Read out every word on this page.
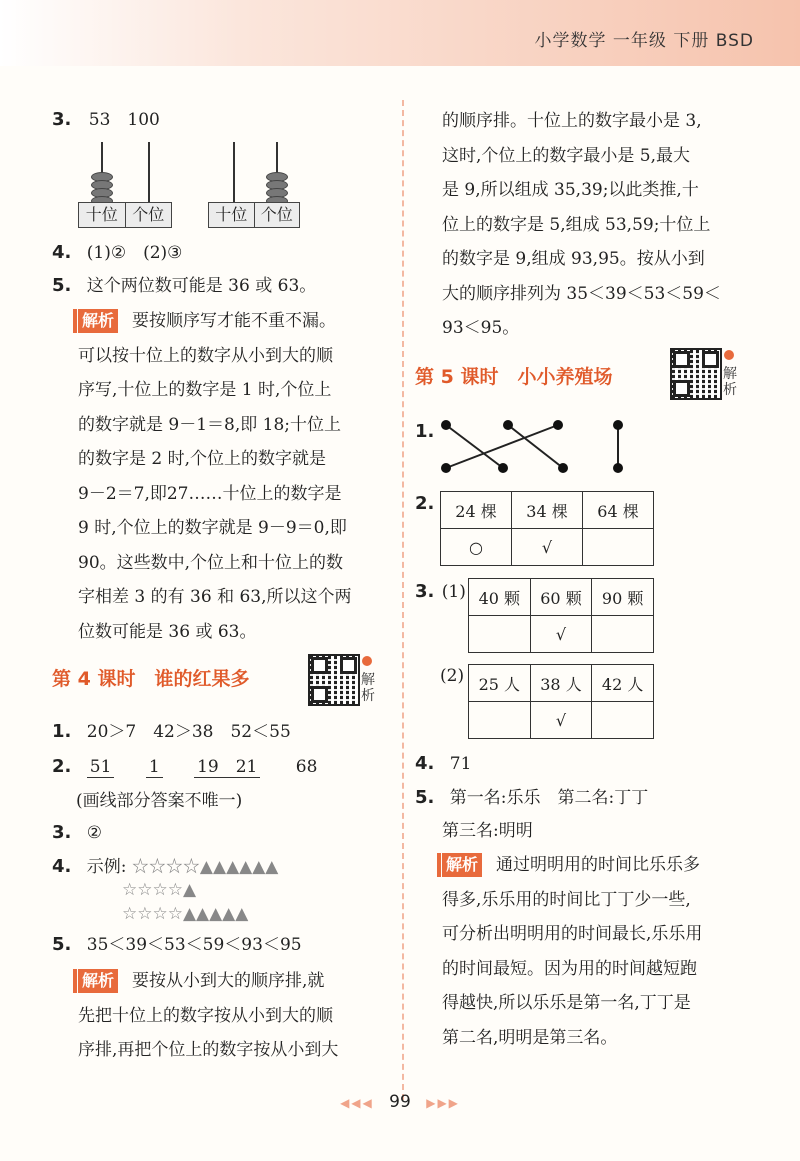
小学数学 一年级 下册 BSD
3. 53　100
十位 个位	十位 个位
4. (1)②　(2)③
5. 这个两位数可能是 36 或 63。
解析 要按顺序写才能不重不漏。
可以按十位上的数字从小到大的顺
序写,十位上的数字是 1 时,个位上
的数字就是 9－1＝8,即 18;十位上
的数字是 2 时,个位上的数字就是
9－2＝7,即27……十位上的数字是
9 时,个位上的数字就是 9－9＝0,即
90。这些数中,个位上和十位上的数
字相差 3 的有 36 和 63,所以这个两
位数可能是 36 或 63。
第 4 课时　谁的红果多	解析
1. 20＞7　42＞38　52＜55
2. 51 1 19　 21 68
(画线部分答案不唯一)
3. ②
4. 示例: ☆☆☆☆▲▲▲▲▲▲
☆☆☆☆▲
☆☆☆☆▲▲▲▲▲
5. 35＜39＜53＜59＜93＜95
解析 要按从小到大的顺序排,就
先把十位上的数字按从小到大的顺
序排,再把个位上的数字按从小到大
的顺序排。十位上的数字最小是 3,
这时,个位上的数字最小是 5,最大
是 9,所以组成 35,39;以此类推,十
位上的数字是 5,组成 53,59;十位上
的数字是 9,组成 93,95。按从小到
大的顺序排列为 35＜39＜53＜59＜
93＜95。
第 5 课时　小小养殖场	解析
1.
2. 24 棵	34 棵	64 棵
○	√	
3. (1) 40 颗	60 颗	90 颗
	√	
(2) 25 人	38 人	42 人
	√	
4. 71
5. 第一名:乐乐　第二名:丁丁
第三名:明明
解析 通过明明用的时间比乐乐多
得多,乐乐用的时间比丁丁少一些,
可分析出明明用的时间最长,乐乐用
的时间最短。因为用的时间越短跑
得越快,所以乐乐是第一名,丁丁是
第二名,明明是第三名。
◀◀◀ 99 ▶▶▶
